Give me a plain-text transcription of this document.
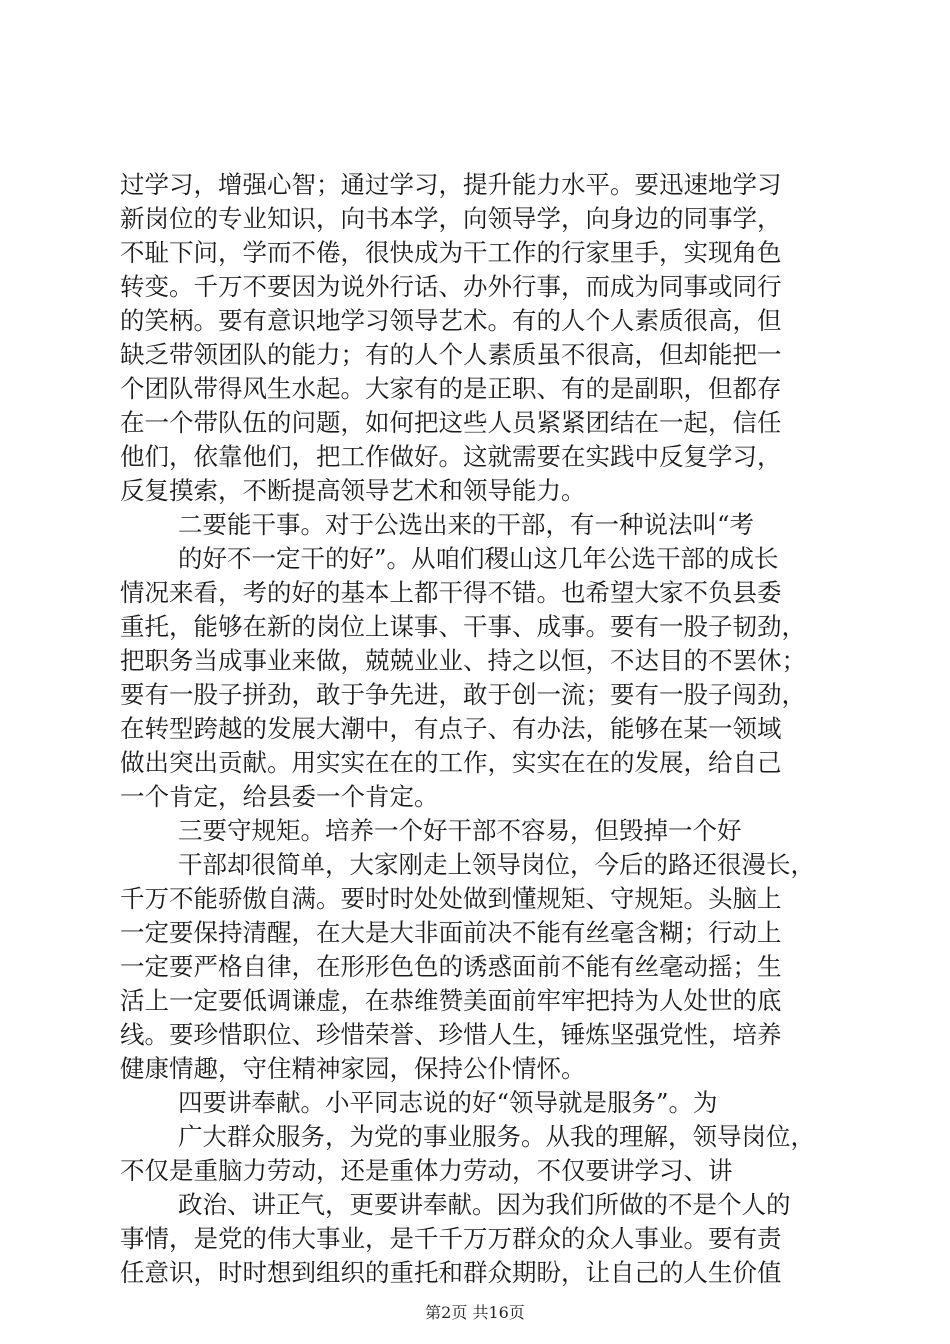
过学习，增强心智；通过学习，提升能力水平。要迅速地学习
新岗位的专业知识，向书本学，向领导学，向身边的同事学，
不耻下问，学而不倦，很快成为干工作的行家里手，实现角色
转变。千万不要因为说外行话、办外行事，而成为同事或同行
的笑柄。要有意识地学习领导艺术。有的人个人素质很高，但
缺乏带领团队的能力；有的人个人素质虽不很高，但却能把一
个团队带得风生水起。大家有的是正职、有的是副职，但都存
在一个带队伍的问题，如何把这些人员紧紧团结在一起，信任
他们，依靠他们，把工作做好。这就需要在实践中反复学习，
反复摸索，不断提高领导艺术和领导能力。
二要能干事。对于公选出来的干部，有一种说法叫“考
的好不一定干的好”。从咱们稷山这几年公选干部的成长
情况来看，考的好的基本上都干得不错。也希望大家不负县委
重托，能够在新的岗位上谋事、干事、成事。要有一股子韧劲，
把职务当成事业来做，兢兢业业、持之以恒，不达目的不罢休；
要有一股子拼劲，敢于争先进，敢于创一流；要有一股子闯劲，
在转型跨越的发展大潮中，有点子、有办法，能够在某一领域
做出突出贡献。用实实在在的工作，实实在在的发展，给自己
一个肯定，给县委一个肯定。
三要守规矩。培养一个好干部不容易，但毁掉一个好
干部却很简单，大家刚走上领导岗位，今后的路还很漫长，
千万不能骄傲自满。要时时处处做到懂规矩、守规矩。头脑上
一定要保持清醒，在大是大非面前决不能有丝毫含糊；行动上
一定要严格自律，在形形色色的诱惑面前不能有丝毫动摇；生
活上一定要低调谦虚，在恭维赞美面前牢牢把持为人处世的底
线。要珍惜职位、珍惜荣誉、珍惜人生，锤炼坚强党性，培养
健康情趣，守住精神家园，保持公仆情怀。
四要讲奉献。小平同志说的好“领导就是服务”。为
广大群众服务，为党的事业服务。从我的理解，领导岗位，
不仅是重脑力劳动，还是重体力劳动，不仅要讲学习、讲
政治、讲正气，更要讲奉献。因为我们所做的不是个人的
事情，是党的伟大事业，是千千万万群众的众人事业。要有责
任意识，时时想到组织的重托和群众期盼，让自己的人生价值
第2页 共16页
